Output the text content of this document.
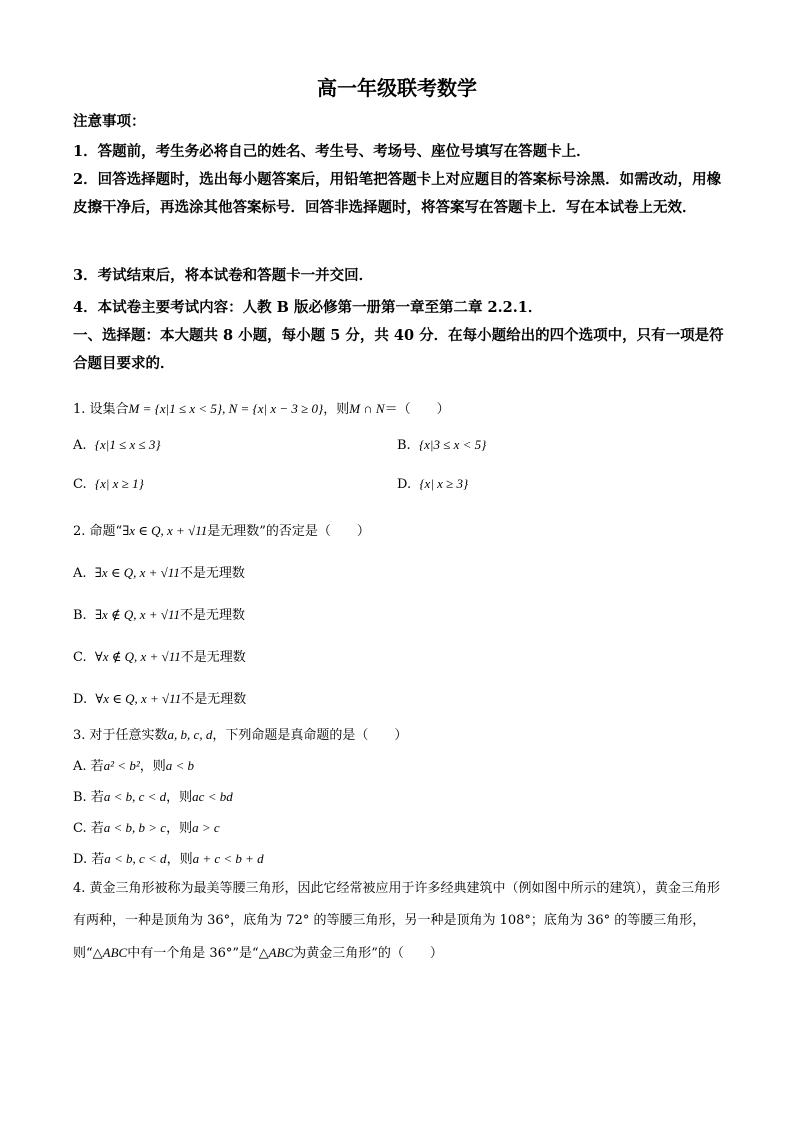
高一年级联考数学
注意事项：
1．答题前，考生务必将自己的姓名、考生号、考场号、座位号填写在答题卡上．
2．回答选择题时，选出每小题答案后，用铅笔把答题卡上对应题目的答案标号涂黑．如需改动，用橡皮擦干净后，再选涂其他答案标号．回答非选择题时，将答案写在答题卡上．写在本试卷上无效．
3．考试结束后，将本试卷和答题卡一并交回．
4．本试卷主要考试内容：人教 B 版必修第一册第一章至第二章 2.2.1．
一、选择题：本大题共 8 小题，每小题 5 分，共 40 分．在每小题给出的四个选项中，只有一项是符合题目要求的．
1. 设集合M = {x|1 ≤ x < 5}, N = {x| x − 3 ≥ 0}，则M ∩ N＝（　　）
A. {x|1 ≤ x ≤ 3}	B. {x|3 ≤ x < 5}
C. {x| x ≥ 1}	D. {x| x ≥ 3}
2. 命题“∃x ∈ Q, x + √11是无理数”的否定是（　　）
A. ∃x ∈ Q, x + √11不是无理数
B. ∃x ∉ Q, x + √11不是无理数
C. ∀x ∉ Q, x + √11不是无理数
D. ∀x ∈ Q, x + √11不是无理数
3. 对于任意实数a, b, c, d，下列命题是真命题的是（　　）
A. 若a² < b²，则a < b
B. 若a < b, c < d，则ac < bd
C. 若a < b, b > c，则a > c
D. 若a < b, c < d，则a + c < b + d
4. 黄金三角形被称为最美等腰三角形，因此它经常被应用于许多经典建筑中（例如图中所示的建筑），黄金三角形有两种，一种是顶角为 36°，底角为 72° 的等腰三角形，另一种是顶角为 108°；底角为 36° 的等腰三角形，则“△ABC中有一个角是 36°”是“△ABC为黄金三角形”的（　　）
